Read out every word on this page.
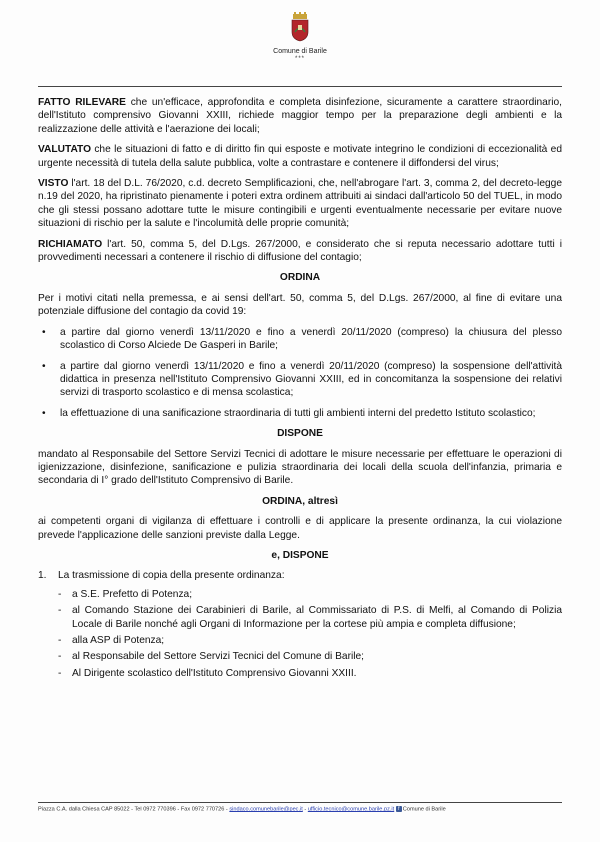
Comune di Barile
***

FATTO RILEVARE che un'efficace, approfondita e completa disinfezione, sicuramente a carattere straordinario, dell'Istituto comprensivo Giovanni XXIII, richiede maggior tempo per la preparazione degli ambienti e la realizzazione delle attività e l'aerazione dei locali;

VALUTATO che le situazioni di fatto e di diritto fin qui esposte e motivate integrino le condizioni di eccezionalità ed urgente necessità di tutela della salute pubblica, volte a contrastare e contenere il diffondersi del virus;

VISTO l'art. 18 del D.L. 76/2020, c.d. decreto Semplificazioni, che, nell'abrogare l'art. 3, comma 2, del decreto-legge n.19 del 2020, ha ripristinato pienamente i poteri extra ordinem attribuiti ai sindaci dall'articolo 50 del TUEL, in modo che gli stessi possano adottare tutte le misure contingibili e urgenti eventualmente necessarie per evitare nuove situazioni di rischio per la salute e l'incolumità delle proprie comunità;

RICHIAMATO l'art. 50, comma 5, del D.Lgs. 267/2000, e considerato che si reputa necessario adottare tutti i provvedimenti necessari a contenere il rischio di diffusione del contagio;

ORDINA

Per i motivi citati nella premessa, e ai sensi dell'art. 50, comma 5, del D.Lgs. 267/2000, al fine di evitare una potenziale diffusione del contagio da covid 19:

• a partire dal giorno venerdì 13/11/2020 e fino a venerdì 20/11/2020 (compreso) la chiusura del plesso scolastico di Corso Alciede De Gasperi in Barile;
• a partire dal giorno venerdì 13/11/2020 e fino a venerdì 20/11/2020 (compreso) la sospensione dell'attività didattica in presenza nell'Istituto Comprensivo Giovanni XXIII, ed in concomitanza la sospensione dei relativi servizi di trasporto scolastico e di mensa scolastica;
• la effettuazione di una sanificazione straordinaria di tutti gli ambienti interni del predetto Istituto scolastico;
DISPONE

mandato al Responsabile del Settore Servizi Tecnici di adottare le misure necessarie per effettuare le operazioni di igienizzazione, disinfezione, sanificazione e pulizia straordinaria dei locali della scuola dell'infanzia, primaria e secondaria di I° grado dell'Istituto Comprensivo di Barile.

ORDINA, altresì

ai competenti organi di vigilanza di effettuare i controlli e di applicare la presente ordinanza, la cui violazione prevede l'applicazione delle sanzioni previste dalla Legge.

e, DISPONE
1. La trasmissione di copia della presente ordinanza:
- a S.E. Prefetto di Potenza;
- al Comando Stazione dei Carabinieri di Barile, al Commissariato di P.S. di Melfi, al Comando di Polizia Locale di Barile nonché agli Organi di Informazione per la cortese più ampia e completa diffusione;
- alla ASP di Potenza;
- al Responsabile del Settore Servizi Tecnici del Comune di Barile;
- Al Dirigente scolastico dell'Istituto Comprensivo Giovanni XXIII.
Piazza C.A. dalla Chiesa CAP 85022 - Tel 0972 770396 - Fax 0972 770726 - sindaco.comunebarile@pec.it - ufficio.tecnico@comune.barile.pz.it f Comune di Barile
